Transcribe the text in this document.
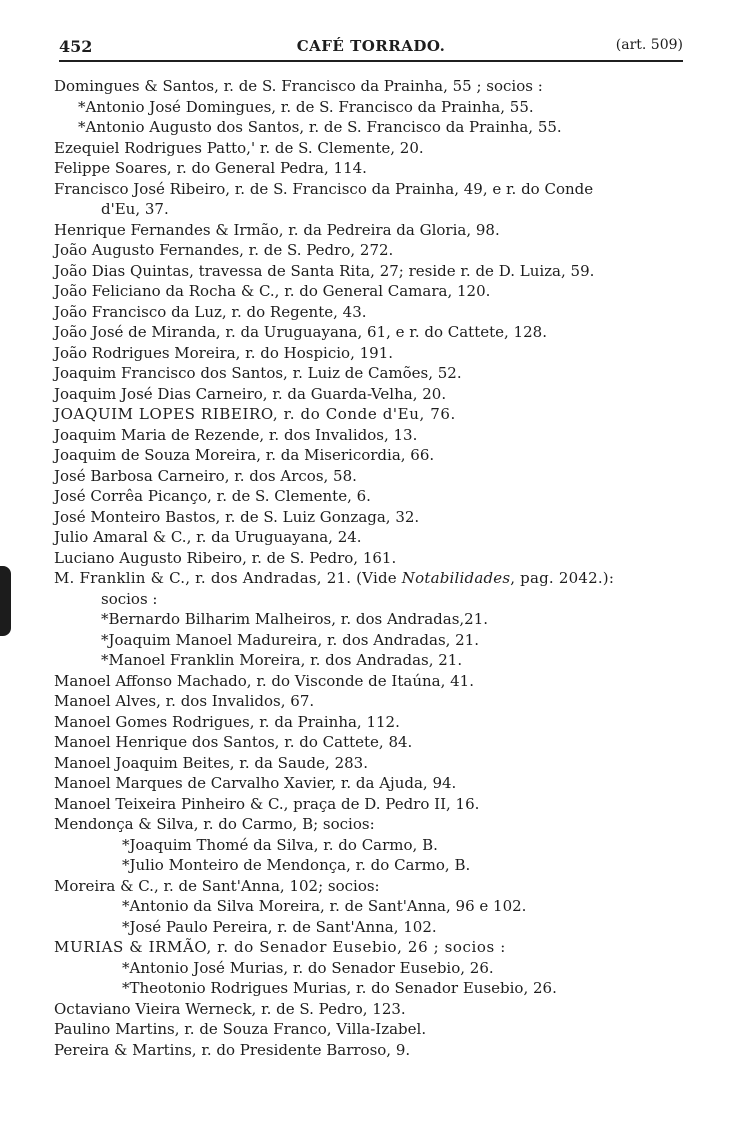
452	CAFÉ TORRADO.	(art. 509)
Domingues & Santos, r. de S. Francisco da Prainha, 55 ; socios :
*Antonio José Domingues, r. de S. Francisco da Prainha, 55.
*Antonio Augusto dos Santos, r. de S. Francisco da Prainha, 55.
Ezequiel Rodrigues Patto,' r. de S. Clemente, 20.
Felippe Soares, r. do General Pedra, 114.
Francisco José Ribeiro, r. de S. Francisco da Prainha, 49, e r. do Conde
d'Eu, 37.
Henrique Fernandes & Irmão, r. da Pedreira da Gloria, 98.
João Augusto Fernandes, r. de S. Pedro, 272.
João Dias Quintas, travessa de Santa Rita, 27; reside r. de D. Luiza, 59.
João Feliciano da Rocha & C., r. do General Camara, 120.
João Francisco da Luz, r. do Regente, 43.
João José de Miranda, r. da Uruguayana, 61, e r. do Cattete, 128.
João Rodrigues Moreira, r. do Hospicio, 191.
Joaquim Francisco dos Santos, r. Luiz de Camões, 52.
Joaquim José Dias Carneiro, r. da Guarda-Velha, 20.
JOAQUIM LOPES RIBEIRO, r. do Conde d'Eu, 76.
Joaquim Maria de Rezende, r. dos Invalidos, 13.
Joaquim de Souza Moreira, r. da Misericordia, 66.
José Barbosa Carneiro, r. dos Arcos, 58.
José Corrêa Picanço, r. de S. Clemente, 6.
José Monteiro Bastos, r. de S. Luiz Gonzaga, 32.
Julio Amaral & C., r. da Uruguayana, 24.
Luciano Augusto Ribeiro, r. de S. Pedro, 161.
M. Franklin & C., r. dos Andradas, 21. (Vide Notabilidades, pag. 2042.):
socios :
*Bernardo Bilharim Malheiros, r. dos Andradas,21.
*Joaquim Manoel Madureira, r. dos Andradas, 21.
*Manoel Franklin Moreira, r. dos Andradas, 21.
Manoel Affonso Machado, r. do Visconde de Itaúna, 41.
Manoel Alves, r. dos Invalidos, 67.
Manoel Gomes Rodrigues, r. da Prainha, 112.
Manoel Henrique dos Santos, r. do Cattete, 84.
Manoel Joaquim Beites, r. da Saude, 283.
Manoel Marques de Carvalho Xavier, r. da Ajuda, 94.
Manoel Teixeira Pinheiro & C., praça de D. Pedro II, 16.
Mendonça & Silva, r. do Carmo, B; socios:
*Joaquim Thomé da Silva, r. do Carmo, B.
*Julio Monteiro de Mendonça, r. do Carmo, B.
Moreira & C., r. de Sant'Anna, 102; socios:
*Antonio da Silva Moreira, r. de Sant'Anna, 96 e 102.
*José Paulo Pereira, r. de Sant'Anna, 102.
MURIAS & IRMÃO, r. do Senador Eusebio, 26 ; socios :
*Antonio José Murias, r. do Senador Eusebio, 26.
*Theotonio Rodrigues Murias, r. do Senador Eusebio, 26.
Octaviano Vieira Werneck, r. de S. Pedro, 123.
Paulino Martins, r. de Souza Franco, Villa-Izabel.
Pereira & Martins, r. do Presidente Barroso, 9.
